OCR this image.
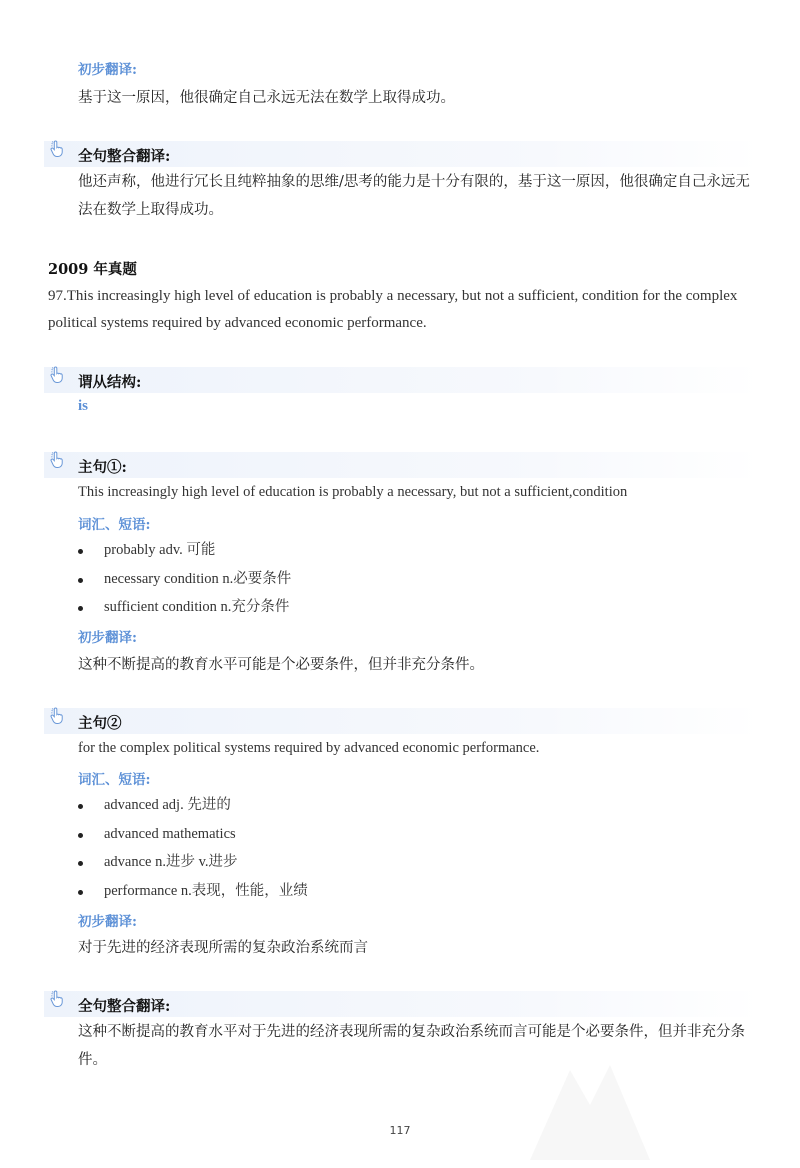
初步翻译:
基于这一原因，他很确定自己永远无法在数学上取得成功。
全句整合翻译:
他还声称，他进行冗长且纯粹抽象的思维/思考的能力是十分有限的，基于这一原因，他很确定自己永远无法在数学上取得成功。
2009 年真题
97.This increasingly high level of education is probably a necessary, but not a sufficient, condition for the complex political systems required by advanced economic performance.
谓从结构:
is
主句①:
This increasingly high level of education is probably a necessary, but not a sufficient,condition
词汇、短语:
probably adv. 可能
necessary condition n.必要条件
sufficient condition n.充分条件
初步翻译:
这种不断提高的教育水平可能是个必要条件，但并非充分条件。
主句②
for the complex political systems required by advanced economic performance.
词汇、短语:
advanced adj. 先进的
advanced mathematics
advance n.进步 v.进步
performance n.表现，性能，业绩
初步翻译:
对于先进的经济表现所需的复杂政治系统而言
全句整合翻译:
这种不断提高的教育水平对于先进的经济表现所需的复杂政治系统而言可能是个必要条件，但并非充分条件。
117
